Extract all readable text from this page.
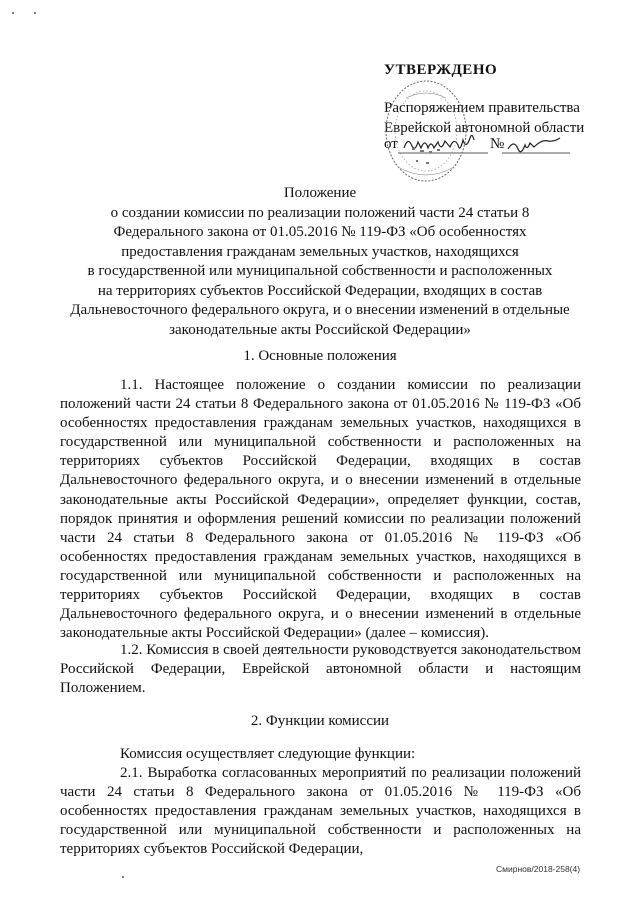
УТВЕРЖДЕНО
Распоряжением правительства
Еврейской автономной области
от	№
Положение
о создании комиссии по реализации положений части 24 статьи 8
Федерального закона от 01.05.2016 № 119-ФЗ «Об особенностях
предоставления гражданам земельных участков, находящихся
в государственной или муниципальной собственности и расположенных
на территориях субъектов Российской Федерации, входящих в состав
Дальневосточного федерального округа, и о внесении изменений в отдельные
законодательные акты Российской Федерации»
1. Основные положения
1.1. Настоящее положение о создании комиссии по реализации положений части 24 статьи 8 Федерального закона от 01.05.2016 № 119-ФЗ «Об особенностях предоставления гражданам земельных участков, находящихся в государственной или муниципальной собственности и расположенных на территориях субъектов Российской Федерации, входящих в состав Дальневосточного федерального округа, и о внесении изменений в отдельные законодательные акты Российской Федерации», определяет функции, состав, порядок принятия и оформления решений комиссии по реализации положений части 24 статьи 8 Федерального закона от 01.05.2016 № 119-ФЗ «Об особенностях предоставления гражданам земельных участков, находящихся в государственной или муниципальной собственности и расположенных на территориях субъектов Российской Федерации, входящих в состав Дальневосточного федерального округа, и о внесении изменений в отдельные законодательные акты Российской Федерации» (далее – комиссия).
1.2. Комиссия в своей деятельности руководствуется законодательством Российской Федерации, Еврейской автономной области и настоящим Положением.
2. Функции комиссии
Комиссия осуществляет следующие функции:
2.1. Выработка согласованных мероприятий по реализации положений части 24 статьи 8 Федерального закона от 01.05.2016 № 119-ФЗ «Об особенностях предоставления гражданам земельных участков, находящихся в государственной или муниципальной собственности и расположенных на территориях субъектов Российской Федерации,
Смирнов/2018-258(4)
